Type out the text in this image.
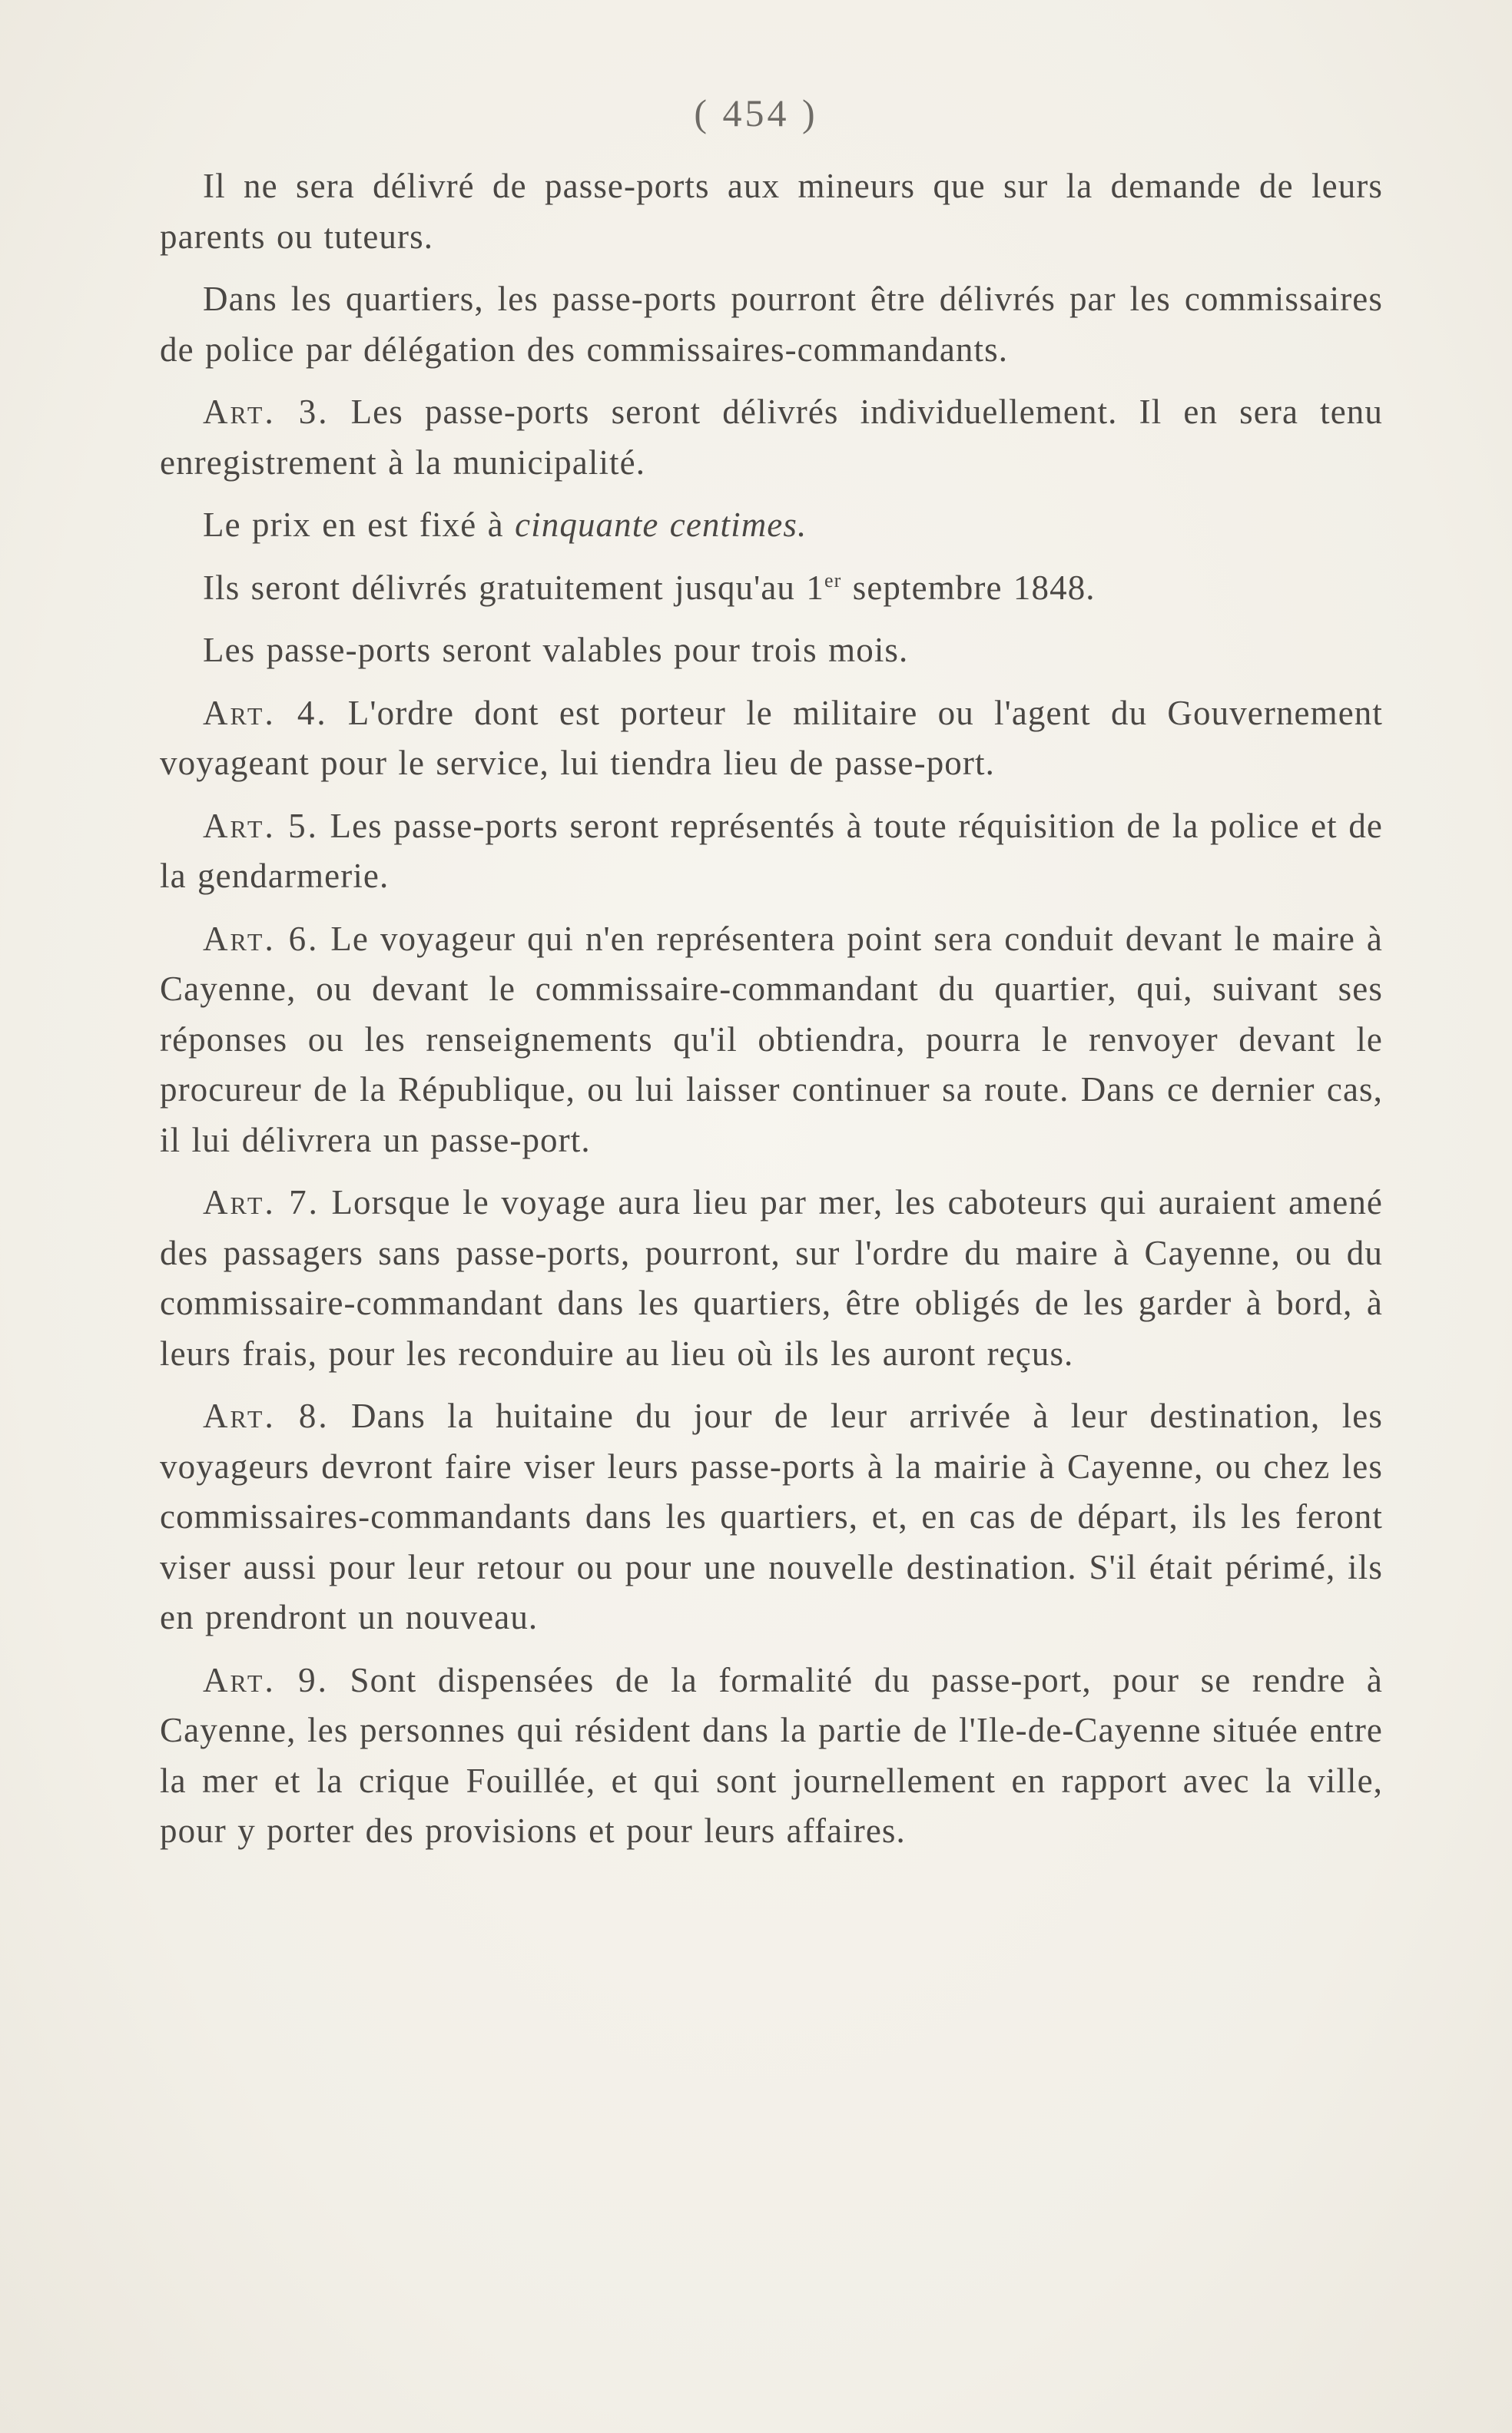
( 454 )

Il ne sera délivré de passe-ports aux mineurs que sur la demande de leurs parents ou tuteurs.

Dans les quartiers, les passe-ports pourront être délivrés par les commissaires de police par délégation des commissaires-commandants.

Art. 3. Les passe-ports seront délivrés individuellement. Il en sera tenu enregistrement à la municipalité.

Le prix en est fixé à cinquante centimes.

Ils seront délivrés gratuitement jusqu'au 1er septembre 1848.

Les passe-ports seront valables pour trois mois.

Art. 4. L'ordre dont est porteur le militaire ou l'agent du Gouvernement voyageant pour le service, lui tiendra lieu de passe-port.

Art. 5. Les passe-ports seront représentés à toute réquisition de la police et de la gendarmerie.

Art. 6. Le voyageur qui n'en représentera point sera conduit devant le maire à Cayenne, ou devant le commissaire-commandant du quartier, qui, suivant ses réponses ou les renseignements qu'il obtiendra, pourra le renvoyer devant le procureur de la République, ou lui laisser continuer sa route. Dans ce dernier cas, il lui délivrera un passe-port.

Art. 7. Lorsque le voyage aura lieu par mer, les caboteurs qui auraient amené des passagers sans passe-ports, pourront, sur l'ordre du maire à Cayenne, ou du commissaire-commandant dans les quartiers, être obligés de les garder à bord, à leurs frais, pour les reconduire au lieu où ils les auront reçus.

Art. 8. Dans la huitaine du jour de leur arrivée à leur destination, les voyageurs devront faire viser leurs passe-ports à la mairie à Cayenne, ou chez les commissaires-commandants dans les quartiers, et, en cas de départ, ils les feront viser aussi pour leur retour ou pour une nouvelle destination. S'il était périmé, ils en prendront un nouveau.

Art. 9. Sont dispensées de la formalité du passe-port, pour se rendre à Cayenne, les personnes qui résident dans la partie de l'Ile-de-Cayenne située entre la mer et la crique Fouillée, et qui sont journellement en rapport avec la ville, pour y porter des provisions et pour leurs affaires.
